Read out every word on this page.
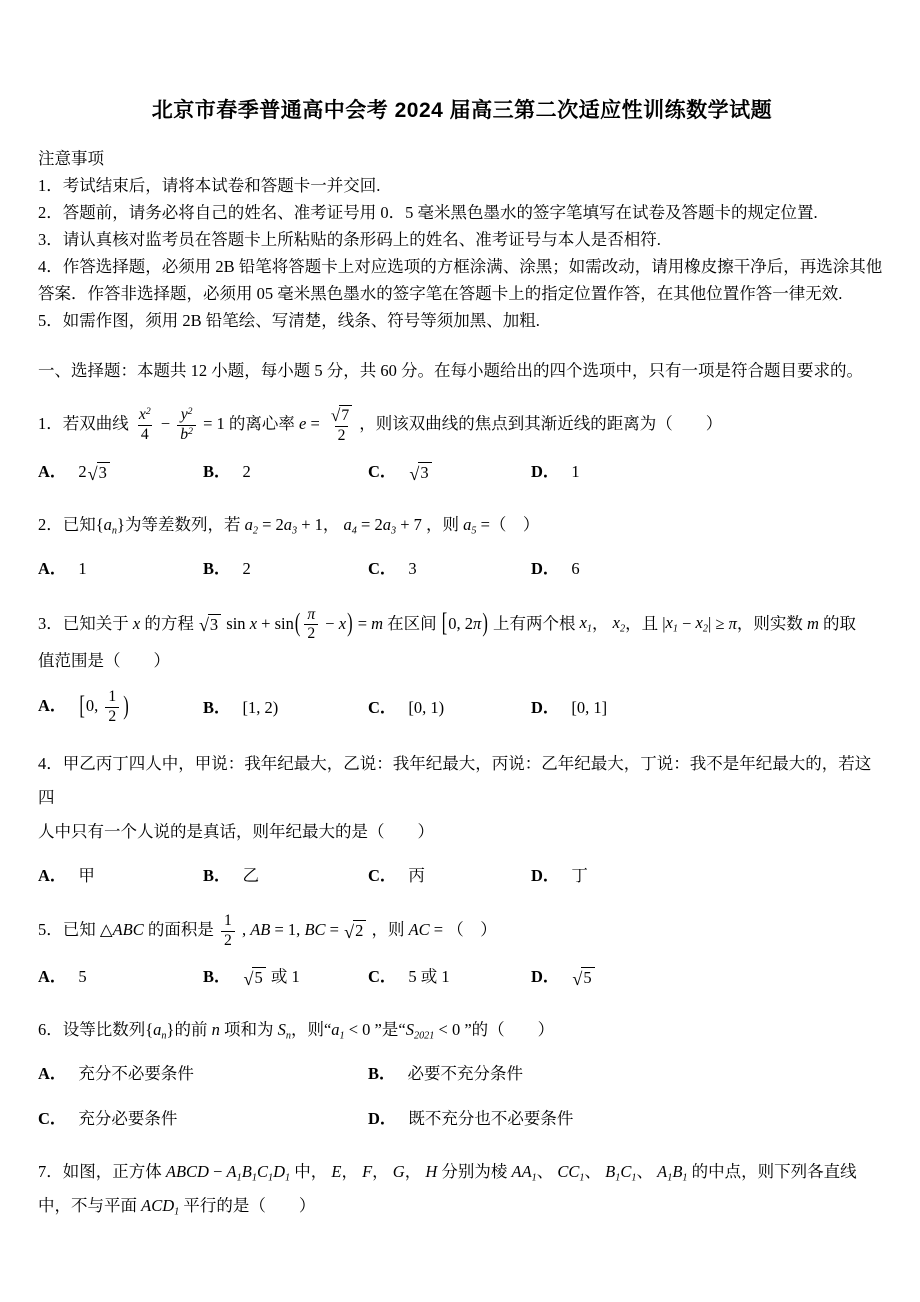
北京市春季普通高中会考 2024 届高三第二次适应性训练数学试题
注意事项
1．考试结束后，请将本试卷和答题卡一并交回.
2．答题前，请务必将自己的姓名、准考证号用 0．5 毫米黑色墨水的签字笔填写在试卷及答题卡的规定位置.
3．请认真核对监考员在答题卡上所粘贴的条形码上的姓名、准考证号与本人是否相符.
4．作答选择题，必须用 2B 铅笔将答题卡上对应选项的方框涂满、涂黑；如需改动，请用橡皮擦干净后，再选涂其他答案．作答非选择题，必须用 05 毫米黑色墨水的签字笔在答题卡上的指定位置作答，在其他位置作答一律无效.
5．如需作图，须用 2B 铅笔绘、写清楚，线条、符号等须加黑、加粗.
一、选择题：本题共 12 小题，每小题 5 分，共 60 分。在每小题给出的四个选项中，只有一项是符合题目要求的。
1．若双曲线 $\frac{x^2}{4} - \frac{y^2}{b^2} = 1$ 的离心率 $e = \frac{√ 7}{2}$ ，则该双曲线的焦点到其渐近线的距离为（　　）
A． 2 √ 3	B． 2	C． √ 3	D． 1
2．已知$\{a_n\}$为等差数列，若 $a_2 = 2a_3 + 1$， $a_4 = 2a_3 + 7$ ，则 $a_5$ =（　）
A． 1	B． 2	C． 3	D． 6
3．已知关于 x 的方程 √ 3 $\sin x + \sin( \frac{\pi}{2} - x) = m$ 在区间 [0, 2π) 上有两个根 $x_1$， $x_2$，且 $|x_1 - x_2| \ge \pi$，则实数 m 的取
值范围是（　　）
A． [0, $\frac{1}{2}$ )	B． [1, 2)	C． [0, 1)	D． [0, 1]
4．甲乙丙丁四人中，甲说：我年纪最大，乙说：我年纪最大，丙说：乙年纪最大，丁说：我不是年纪最大的，若这四
人中只有一个人说的是真话，则年纪最大的是（　　）
A． 甲	B． 乙	C． 丙	D． 丁
5．已知 △ABC 的面积是 $\frac{1}{2}$ , AB = 1, BC = √ 2 ，则 AC = （　）
A． 5	B． √ 5 或 1	C． 5 或 1	D． √ 5
6．设等比数列$\{a_n\}$的前 n 项和为 $S_n$，则“$a_1 < 0$ ”是“$S_{2021} < 0$ ”的（　　）
A． 充分不必要条件	B． 必要不充分条件
C． 充分必要条件	D． 既不充分也不必要条件
7．如图，正方体 ABCD − $A_1B_1C_1D_1$ 中， E， F， G， H 分别为棱 $AA_1$、 $CC_1$、 $B_1C_1$、 $A_1B_1$ 的中点，则下列各直线
中，不与平面 $ACD_1$ 平行的是（　　）
